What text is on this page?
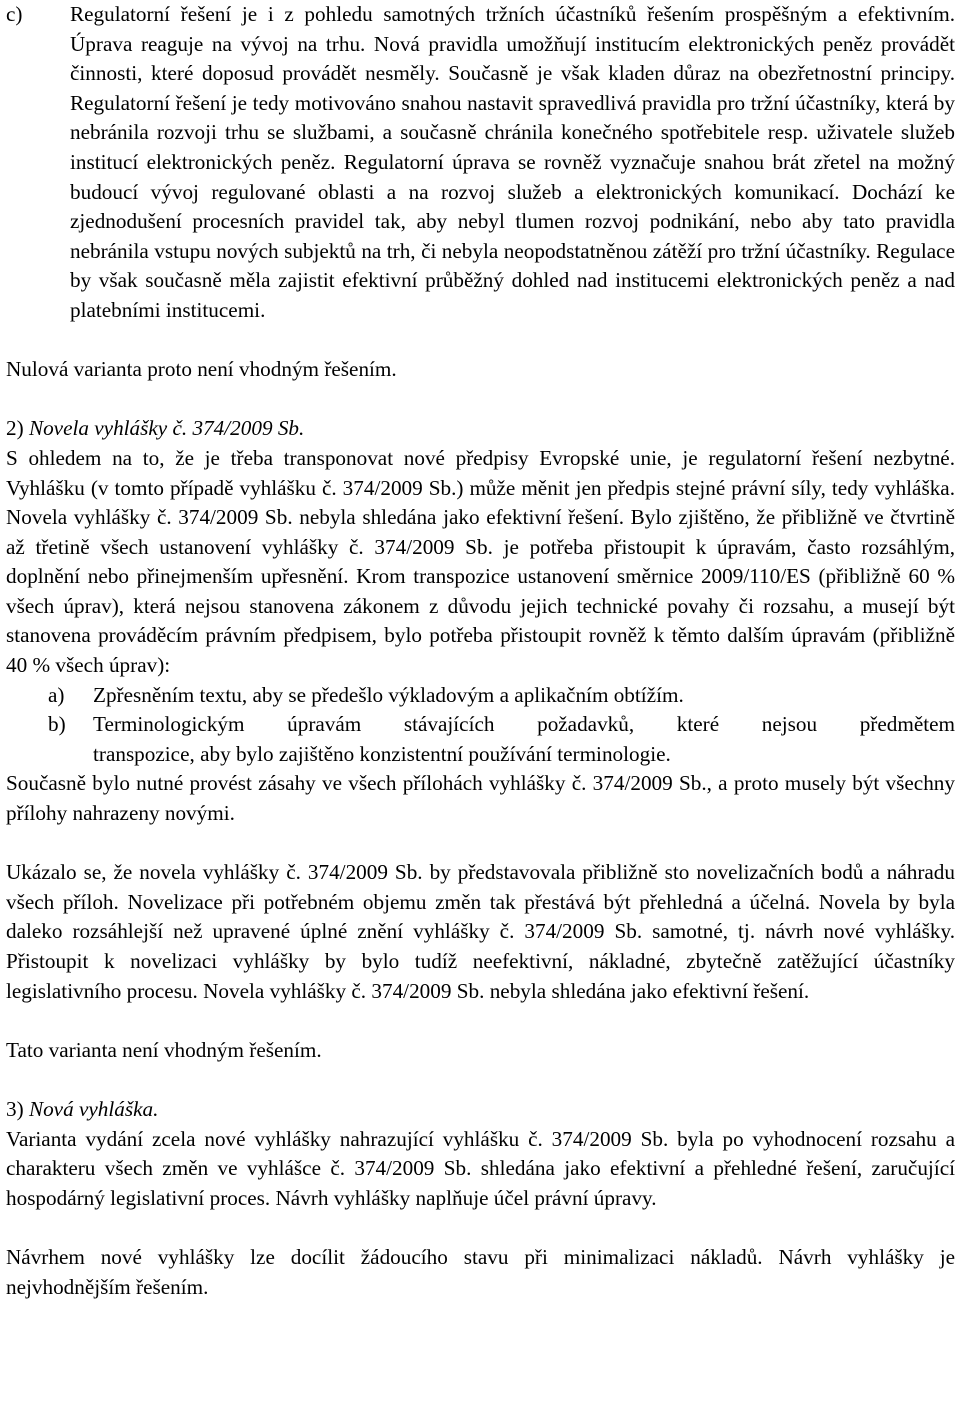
c)	Regulatorní řešení je i z pohledu samotných tržních účastníků řešením prospěšným a efektivním. Úprava reaguje na vývoj na trhu. Nová pravidla umožňují institucím elektronických peněz provádět činnosti, které doposud provádět nesměly. Současně je však kladen důraz na obezřetnostní principy. Regulatorní řešení je tedy motivováno snahou nastavit spravedlivá pravidla pro tržní účastníky, která by nebránila rozvoji trhu se službami, a současně chránila konečného spotřebitele resp. uživatele služeb institucí elektronických peněz. Regulatorní úprava se rovněž vyznačuje snahou brát zřetel na možný budoucí vývoj regulované oblasti a na rozvoj služeb a elektronických komunikací. Dochází ke zjednodušení procesních pravidel tak, aby nebyl tlumen rozvoj podnikání, nebo aby tato pravidla nebránila vstupu nových subjektů na trh, či nebyla neopodstatněnou zátěží pro tržní účastníky. Regulace by však současně měla zajistit efektivní průběžný dohled nad institucemi elektronických peněz a nad platebními institucemi.

Nulová varianta proto není vhodným řešením.

2) Novela vyhlášky č. 374/2009 Sb.

S ohledem na to, že je třeba transponovat nové předpisy Evropské unie, je regulatorní řešení nezbytné. Vyhlášku (v tomto případě vyhlášku č. 374/2009 Sb.) může měnit jen předpis stejné právní síly, tedy vyhláška. Novela vyhlášky č. 374/2009 Sb. nebyla shledána jako efektivní řešení. Bylo zjištěno, že přibližně ve čtvrtině až třetině všech ustanovení vyhlášky č. 374/2009 Sb. je potřeba přistoupit k úpravám, často rozsáhlým, doplnění nebo přinejmenším upřesnění. Krom transpozice ustanovení směrnice 2009/110/ES (přibližně 60 % všech úprav), která nejsou stanovena zákonem z důvodu jejich technické povahy či rozsahu, a musejí být stanovena prováděcím právním předpisem, bylo potřeba přistoupit rovněž k těmto dalším úpravám (přibližně 40 % všech úprav):

a)	Zpřesněním textu, aby se předešlo výkladovým a aplikačním obtížím.
b)	Terminologickým úpravám stávajících požadavků, které nejsou předmětem

transpozice, aby bylo zajištěno konzistentní používání terminologie.

Současně bylo nutné provést zásahy ve všech přílohách vyhlášky č. 374/2009 Sb., a proto musely být všechny přílohy nahrazeny novými.

Ukázalo se, že novela vyhlášky č. 374/2009 Sb. by představovala přibližně sto novelizačních bodů a náhradu všech příloh. Novelizace při potřebném objemu změn tak přestává být přehledná a účelná. Novela by byla daleko rozsáhlejší než upravené úplné znění vyhlášky č. 374/2009 Sb. samotné, tj. návrh nové vyhlášky. Přistoupit k novelizaci vyhlášky by bylo tudíž neefektivní, nákladné, zbytečně zatěžující účastníky legislativního procesu. Novela vyhlášky č. 374/2009 Sb. nebyla shledána jako efektivní řešení.

Tato varianta není vhodným řešením.

3) Nová vyhláška.

Varianta vydání zcela nové vyhlášky nahrazující vyhlášku č. 374/2009 Sb. byla po vyhodnocení rozsahu a charakteru všech změn ve vyhlášce č. 374/2009 Sb. shledána jako efektivní a přehledné řešení, zaručující hospodárný legislativní proces. Návrh vyhlášky naplňuje účel právní úpravy.

Návrhem nové vyhlášky lze docílit žádoucího stavu při minimalizaci nákladů. Návrh vyhlášky je nejvhodnějším řešením.
